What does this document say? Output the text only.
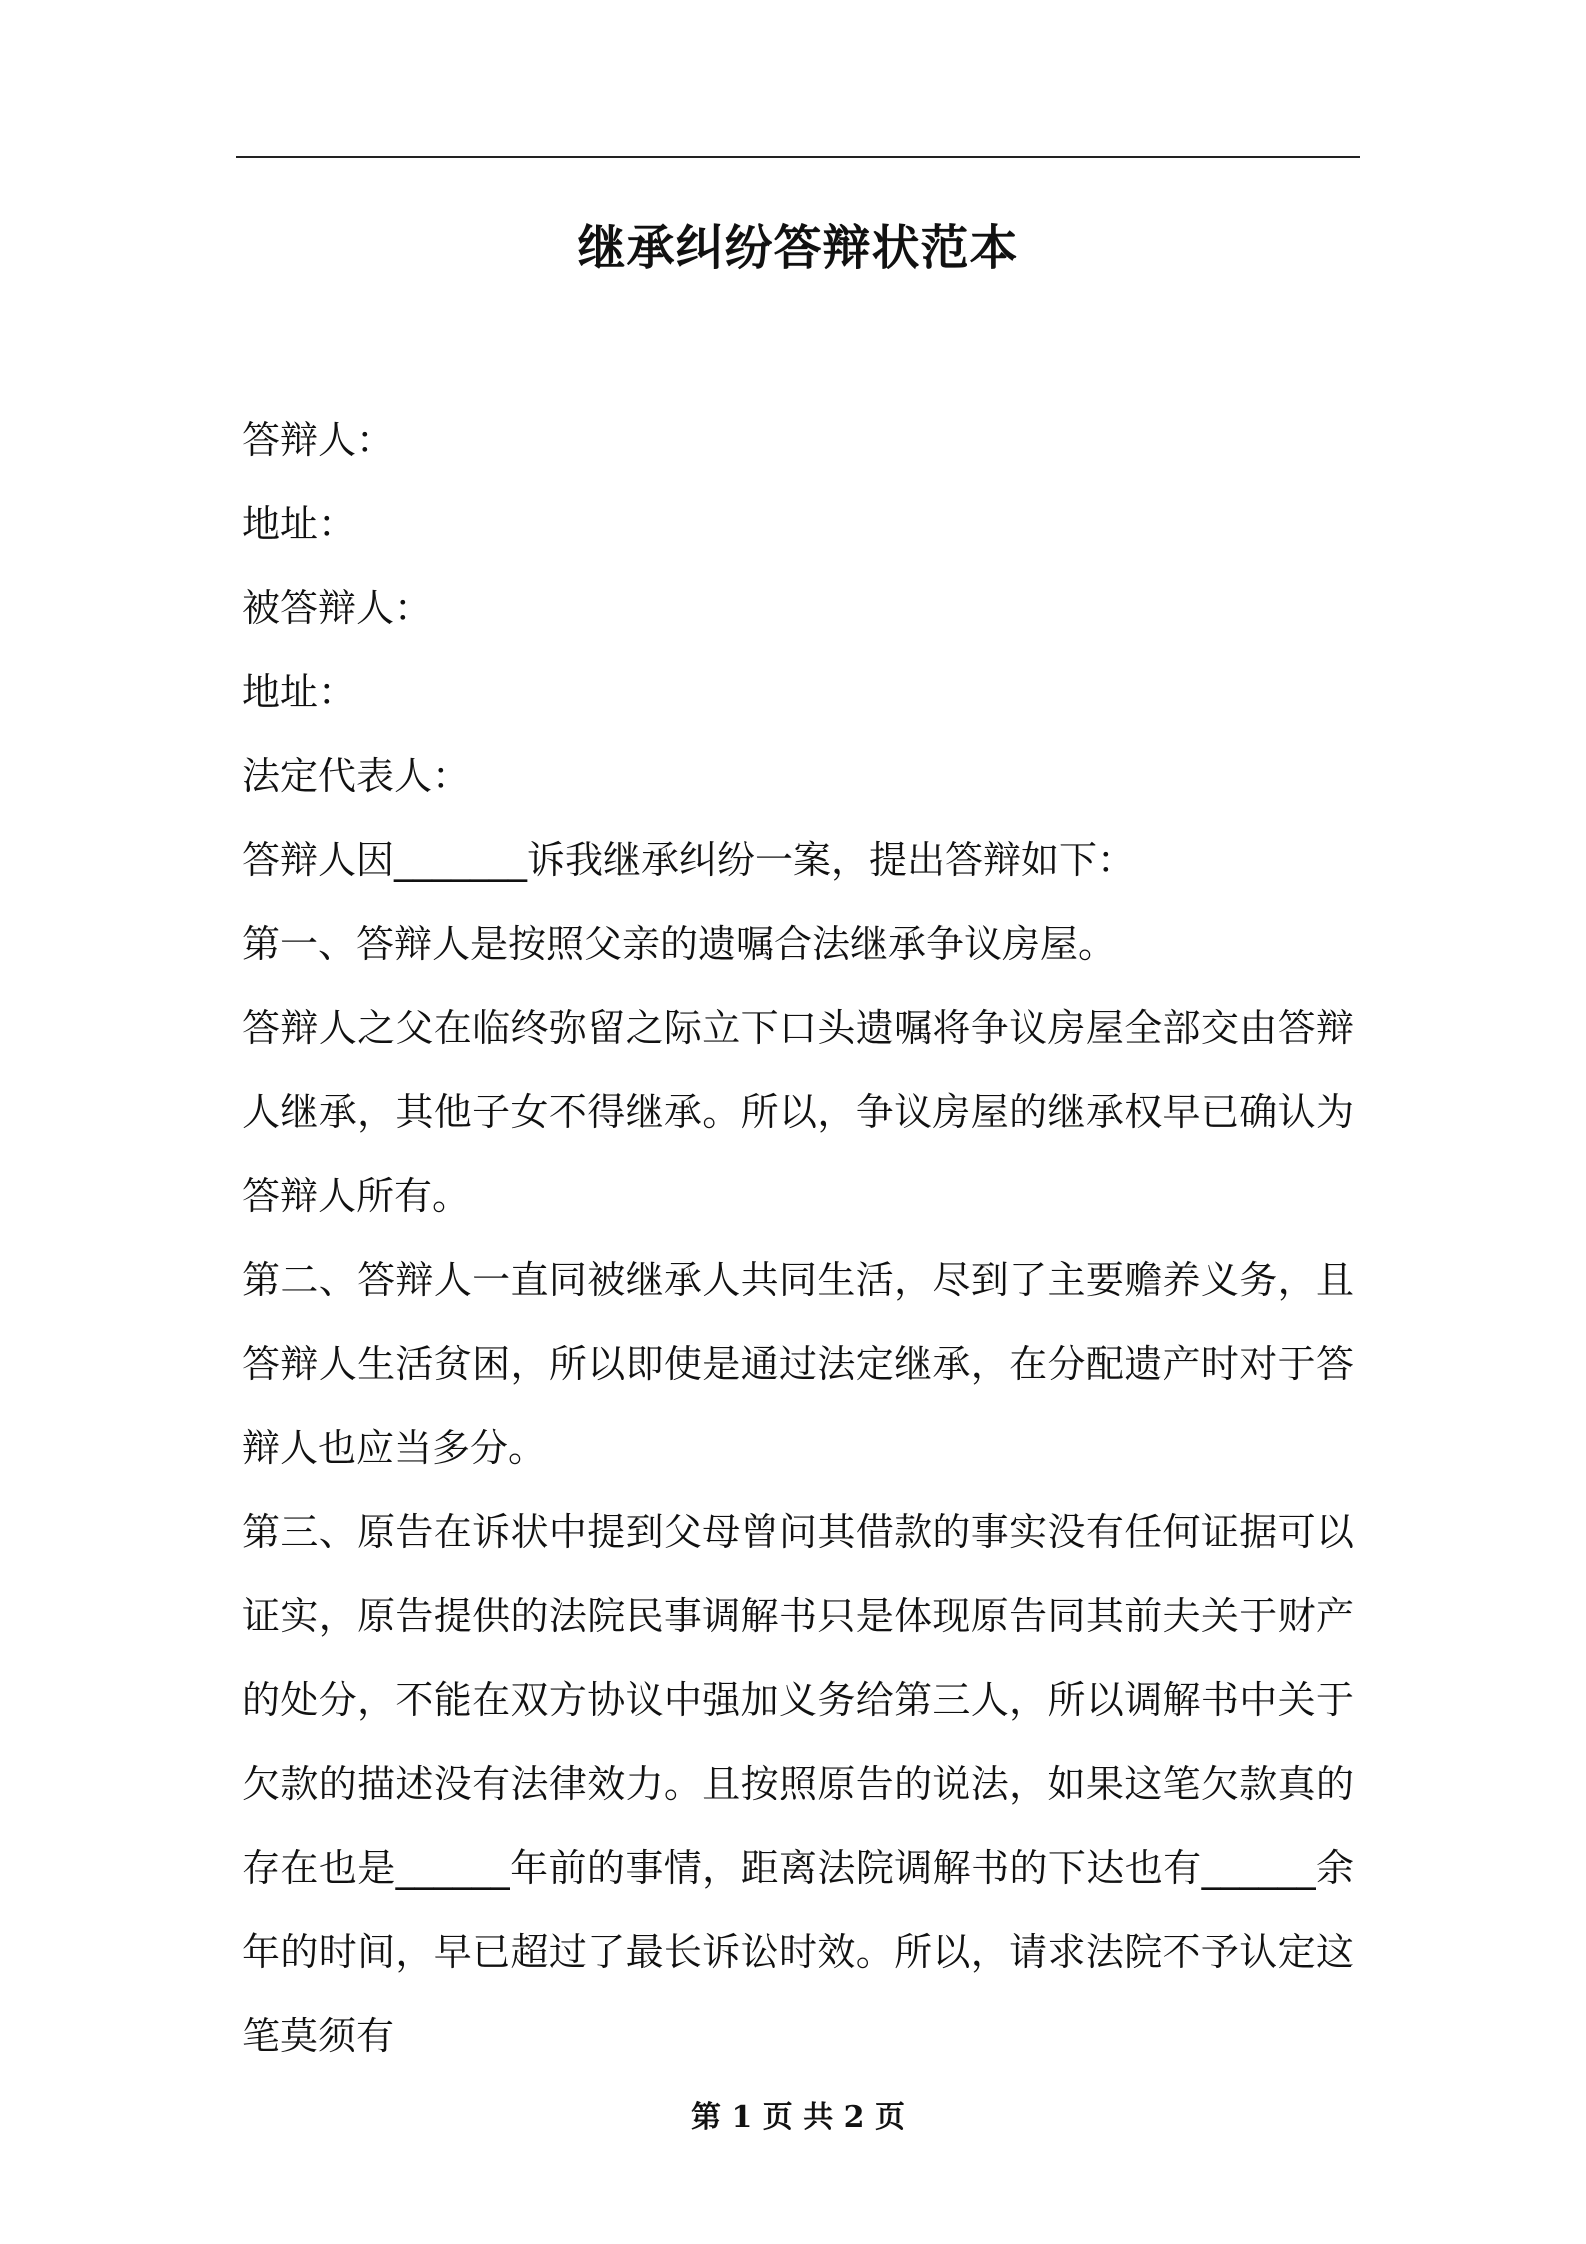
继承纠纷答辩状范本

答辩人：

地址：

被答辩人：

地址：

法定代表人：

答辩人因_______诉我继承纠纷一案，提出答辩如下：

第一、答辩人是按照父亲的遗嘱合法继承争议房屋。

答辩人之父在临终弥留之际立下口头遗嘱将争议房屋全部交由答辩人继承，其他子女不得继承。所以，争议房屋的继承权早已确认为答辩人所有。

第二、答辩人一直同被继承人共同生活，尽到了主要赡养义务，且答辩人生活贫困，所以即使是通过法定继承，在分配遗产时对于答辩人也应当多分。

第三、原告在诉状中提到父母曾问其借款的事实没有任何证据可以证实，原告提供的法院民事调解书只是体现原告同其前夫关于财产的处分，不能在双方协议中强加义务给第三人，所以调解书中关于欠款的描述没有法律效力。且按照原告的说法，如果这笔欠款真的存在也是______年前的事情，距离法院调解书的下达也有______余年的时间，早已超过了最长诉讼时效。所以，请求法院不予认定这笔莫须有

第 1 页 共 2 页
